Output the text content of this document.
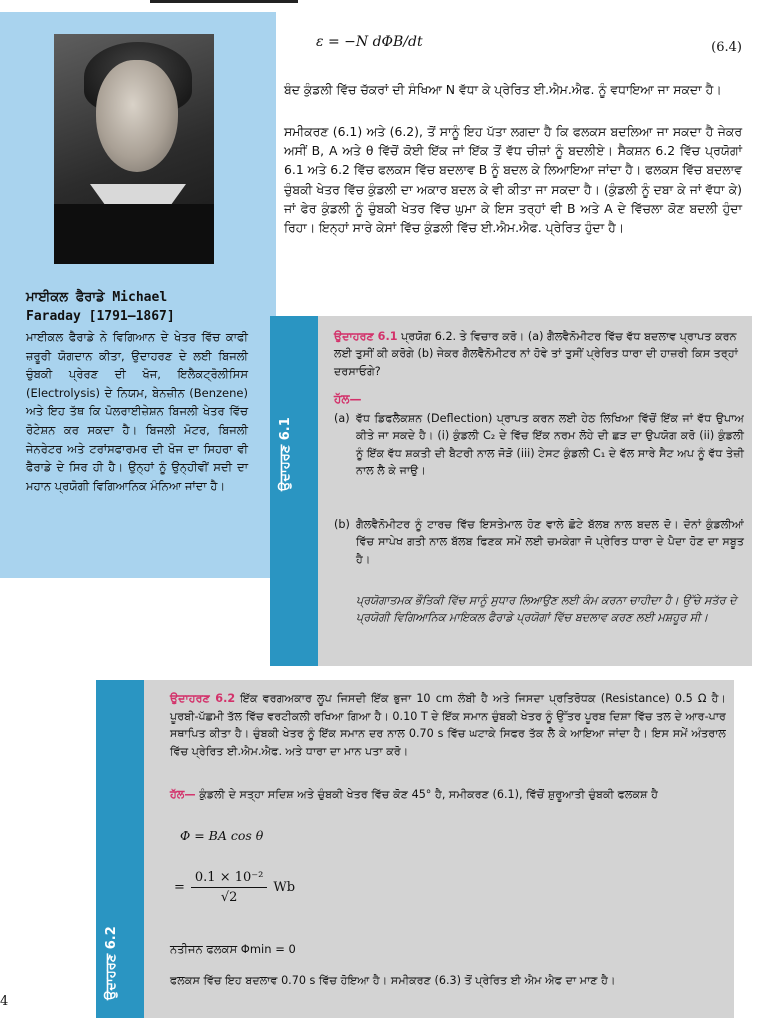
ਮਾਈਕਲ ਫੈਰਾਡੇ Michael
Faraday [1791–1867]
ਮਾਈਕਲ ਫੈਰਾਡੇ ਨੇ ਵਿਗਿਆਨ ਦੇ ਖੇਤਰ ਵਿੱਚ ਕਾਫੀ ਜ਼ਰੂਰੀ ਯੋਗਦਾਨ ਕੀਤਾ, ਉਦਾਹਰਣ ਦੇ ਲਈ ਬਿਜਲੀ ਚੁੰਬਕੀ ਪ੍ਰੇਰਣ ਦੀ ਖੋਜ, ਇਲੈਕਟ੍ਰੋਲੀਸਿਸ (Electrolysis) ਦੇ ਨਿਯਮ, ਬੇਨਜ਼ੀਨ (Benzene) ਅਤੇ ਇਹ ਤੱਥ ਕਿ ਪੋਲਰਾਈਜ਼ੇਸ਼ਨ ਬਿਜਲੀ ਖੇਤਰ ਵਿੱਚ ਰੋਟੇਸ਼ਨ ਕਰ ਸਕਦਾ ਹੈ। ਬਿਜਲੀ ਮੋਟਰ, ਬਿਜਲੀ ਜੇਨਰੇਟਰ ਅਤੇ ਟਰਾਂਸਫਾਰਮਰ ਦੀ ਖੋਜ ਦਾ ਸਿਹਰਾ ਵੀ ਫੈਰਾਡੇ ਦੇ ਸਿਰ ਹੀ ਹੈ। ਉਨ੍ਹਾਂ ਨੂੰ ਉਨ੍ਹੀਵੀਂ ਸਦੀ ਦਾ ਮਹਾਨ ਪ੍ਰਯੋਗੀ ਵਿਗਿਆਨਿਕ ਮੰਨਿਆ ਜਾਂਦਾ ਹੈ।
ε = −N dΦB/dt	(6.4)
ਬੰਦ ਕੁੰਡਲੀ ਵਿੱਚ ਚੱਕਰਾਂ ਦੀ ਸੰਖਿਆ N ਵੱਧਾ ਕੇ ਪ੍ਰੇਰਿਤ ਈ.ਐਮ.ਐਫ. ਨੂੰ ਵਧਾਇਆ ਜਾ ਸਕਦਾ ਹੈ।
ਸਮੀਕਰਣ (6.1) ਅਤੇ (6.2), ਤੋਂ ਸਾਨੂੰ ਇਹ ਪੱਤਾ ਲਗਦਾ ਹੈ ਕਿ ਫਲਕਸ ਬਦਲਿਆ ਜਾ ਸਕਦਾ ਹੈ ਜੇਕਰ ਅਸੀਂ B, A ਅਤੇ θ ਵਿੱਚੋਂ ਕੋਈ ਇੱਕ ਜਾਂ ਇੱਕ ਤੋਂ ਵੱਧ ਚੀਜ਼ਾਂ ਨੂੰ ਬਦਲੀਏ। ਸੈਕਸ਼ਨ 6.2 ਵਿੱਚ ਪ੍ਰਯੋਗਾਂ 6.1 ਅਤੇ 6.2 ਵਿੱਚ ਫਲਕਸ ਵਿੱਚ ਬਦਲਾਵ B ਨੂੰ ਬਦਲ ਕੇ ਲਿਆਇਆ ਜਾਂਦਾ ਹੈ। ਫਲਕਸ ਵਿੱਚ ਬਦਲਾਵ ਚੁੰਬਕੀ ਖੇਤਰ ਵਿੱਚ ਕੁੰਡਲੀ ਦਾ ਅਕਾਰ ਬਦਲ ਕੇ ਵੀ ਕੀਤਾ ਜਾ ਸਕਦਾ ਹੈ। (ਕੁੰਡਲੀ ਨੂੰ ਦਬਾ ਕੇ ਜਾਂ ਵੱਧਾ ਕੇ) ਜਾਂ ਫੇਰ ਕੁੰਡਲੀ ਨੂੰ ਚੁੰਬਕੀ ਖੇਤਰ ਵਿੱਚ ਘੁਮਾ ਕੇ ਇਸ ਤਰ੍ਹਾਂ ਵੀ B ਅਤੇ A ਦੇ ਵਿੱਚਲਾ ਕੋਣ ਬਦਲੀ ਹੁੰਦਾ ਰਿਹਾ। ਇਨ੍ਹਾਂ ਸਾਰੇ ਕੇਸਾਂ ਵਿੱਚ ਕੁੰਡਲੀ ਵਿੱਚ ਈ.ਐਮ.ਐਫ. ਪ੍ਰੇਰਿਤ ਹੁੰਦਾ ਹੈ।
ਉਦਾਹਰਣ 6.1
ਉਦਾਹਰਣ 6.1 ਪ੍ਰਯੋਗ 6.2. ਤੇ ਵਿਚਾਰ ਕਰੋ। (a) ਗੈਲਵੈਨੋਮੀਟਰ ਵਿੱਚ ਵੱਧ ਬਦਲਾਵ ਪ੍ਰਾਪਤ ਕਰਨ ਲਈ ਤੁਸੀਂ ਕੀ ਕਰੋਗੇ (b) ਜੇਕਰ ਗੈਲਵੈਨੋਮੀਟਰ ਨਾਂ ਹੋਵੇ ਤਾਂ ਤੁਸੀਂ ਪ੍ਰੇਰਿਤ ਧਾਰਾ ਦੀ ਹਾਜ਼ਰੀ ਕਿਸ ਤਰ੍ਹਾਂ ਦਰਸਾਓਗੇ?
ਹੱਲ—
(a) ਵੱਧ ਡਿਫਲੈਕਸ਼ਨ (Deflection) ਪ੍ਰਾਪਤ ਕਰਨ ਲਈ ਹੇਠ ਲਿਖਿਆ ਵਿੱਚੋਂ ਇੱਕ ਜਾਂ ਵੱਧ ਉਪਾਅ ਕੀਤੇ ਜਾ ਸਕਦੇ ਹੈ। (i) ਕੁੰਡਲੀ C₂ ਦੇ ਵਿੱਚ ਇੱਕ ਨਰਮ ਲੋਹੇ ਦੀ ਛੜ ਦਾ ਉਪਯੋਗ ਕਰੋ (ii) ਕੁੰਡਲੀ ਨੂੰ ਇੱਕ ਵੱਧ ਸ਼ਕਤੀ ਦੀ ਬੈਟਰੀ ਨਾਲ ਜੋੜੋ (iii) ਟੇਸਟ ਕੁੰਡਲੀ C₁ ਦੇ ਵੱਲ ਸਾਰੇ ਸੈਟ ਅਪ ਨੂੰ ਵੱਧ ਤੇਜ਼ੀ ਨਾਲ ਲੈ ਕੇ ਜਾਉ।
(b) ਗੈਲਵੈਨੋਮੀਟਰ ਨੂੰ ਟਾਰਚ ਵਿੱਚ ਇਸਤੇਮਾਲ ਹੋਣ ਵਾਲੇ ਛੋਟੇ ਬੱਲਬ ਨਾਲ ਬਦਲ ਦੋ। ਦੋਨਾਂ ਕੁੰਡਲੀਆਂ ਵਿੱਚ ਸਾਪੇਖ ਗਤੀ ਨਾਲ ਬੱਲਬ ਫਿਣਕ ਸਮੇਂ ਲਈ ਚਮਕੇਗਾ ਜੋ ਪ੍ਰੇਰਿਤ ਧਾਰਾ ਦੇ ਪੈਦਾ ਹੋਣ ਦਾ ਸਬੂਤ ਹੈ।
ਪ੍ਰਯੋਗਾਤਮਕ ਭੌਤਿਕੀ ਵਿੱਚ ਸਾਨੂੰ ਸੁਧਾਰ ਲਿਆਉਣ ਲਈ ਕੰਮ ਕਰਨਾ ਚਾਹੀਦਾ ਹੈ। ਉੱਚੇ ਸਤੱਰ ਦੇ ਪ੍ਰਯੋਗੀ ਵਿਗਿਆਨਿਕ ਮਾਇਕਲ ਫੈਰਾਡੇ ਪ੍ਰਯੋਗਾਂ ਵਿੱਚ ਬਦਲਾਵ ਕਰਣ ਲਈ ਮਸ਼ਹੂਰ ਸੀ।
ਉਦਾਹਰਣ 6.2
ਉਦਾਹਰਣ 6.2 ਇੱਕ ਵਰਗਅਕਾਰ ਲੂਪ ਜਿਸਦੀ ਇੱਕ ਭੁਜਾ 10 cm ਲੰਬੀ ਹੈ ਅਤੇ ਜਿਸਦਾ ਪ੍ਰਤਿਰੋਧਕ (Resistance) 0.5 Ω ਹੈ। ਪੂਰਬੀ-ਪੱਛਮੀ ਤੱਲ ਵਿੱਚ ਵਰਟੀਕਲੀ ਰਖਿਆ ਗਿਆ ਹੈ। 0.10 T ਦੇ ਇੱਕ ਸਮਾਨ ਚੁੰਬਕੀ ਖੇਤਰ ਨੂੰ ਉੱਤਰ ਪੂਰਬ ਦਿਸ਼ਾ ਵਿੱਚ ਤਲ ਦੇ ਆਰ-ਪਾਰ ਸਥਾਪਿਤ ਕੀਤਾ ਹੈ। ਚੁੰਬਕੀ ਖੇਤਰ ਨੂੰ ਇੱਕ ਸਮਾਨ ਦਰ ਨਾਲ 0.70 s ਵਿੱਚ ਘਟਾਕੇ ਸਿਫਰ ਤੱਕ ਲੈ ਕੇ ਆਇਆ ਜਾਂਦਾ ਹੈ। ਇਸ ਸਮੇਂ ਅੰਤਰਾਲ ਵਿੱਚ ਪ੍ਰੇਰਿਤ ਈ.ਐਮ.ਐਫ. ਅਤੇ ਧਾਰਾ ਦਾ ਮਾਨ ਪਤਾ ਕਰੋ।
ਹੱਲ— ਕੁੰਡਲੀ ਦੇ ਸਤ੍ਹਾ ਸਦਿਸ਼ ਅਤੇ ਚੁੰਬਕੀ ਖੇਤਰ ਵਿੱਚ ਕੋਣ 45° ਹੈ, ਸਮੀਕਰਣ (6.1), ਵਿੱਚੋਂ ਸ਼ੁਰੂਆਤੀ ਚੁੰਬਕੀ ਫਲਕਸ਼ ਹੈ
Φ = BA cos θ
= $\frac{\text{0.1 × 10⁻²}}{√2}$ Wb
ਨਤੀਜਨ ਫਲਕਸ Φmin = 0
ਫਲਕਸ ਵਿੱਚ ਇਹ ਬਦਲਾਵ 0.70 s ਵਿੱਚ ਹੋਇਆ ਹੈ। ਸਮੀਕਰਣ (6.3) ਤੋਂ ਪ੍ਰੇਰਿਤ ਈ ਐਮ ਐਫ ਦਾ ਮਾਣ ਹੈ।
4
